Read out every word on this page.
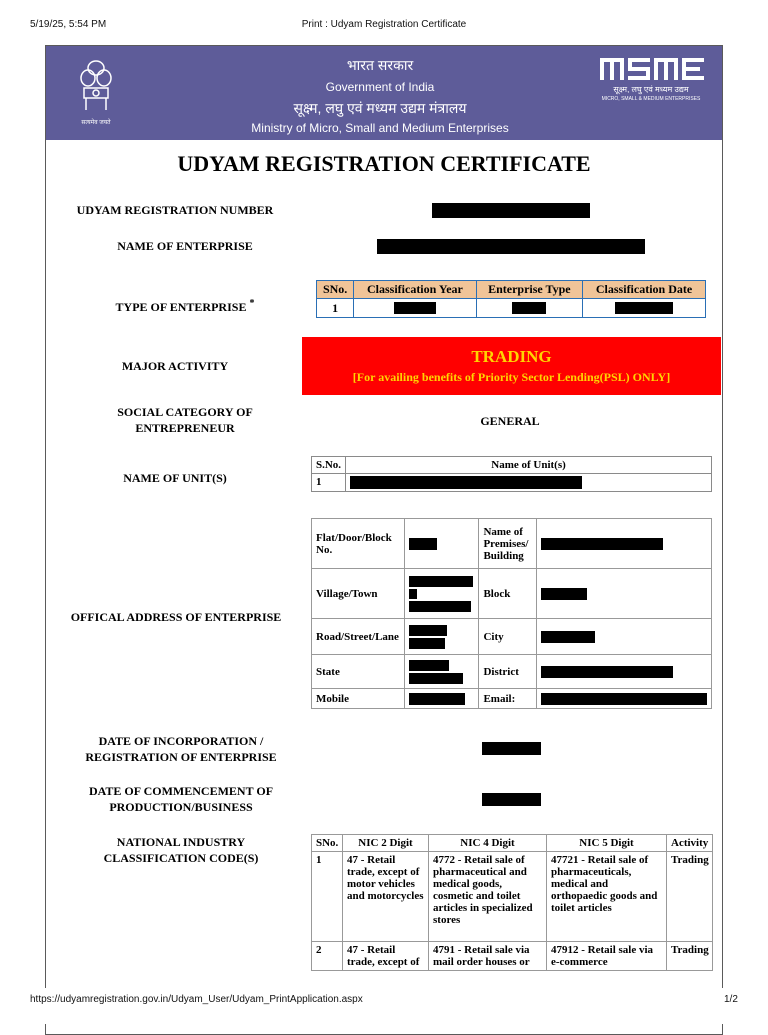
5/19/25, 5:54 PM	Print : Udyam Registration Certificate
सत्यमेव जयते
भारत सरकार
Government of India
सूक्ष्म, लघु एवं मध्यम उद्यम मंत्रालय
Ministry of Micro, Small and Medium Enterprises
सूक्ष्म, लघु एवं मध्यम उद्यम
MICRO, SMALL & MEDIUM ENTERPRISES
UDYAM REGISTRATION CERTIFICATE
UDYAM REGISTRATION NUMBER
NAME OF ENTERPRISE
TYPE OF ENTERPRISE *
SNo.	Classification Year	Enterprise Type	Classification Date
1	

MAJOR ACTIVITY	TRADING
[For availing benefits of Priority Sector Lending(PSL) ONLY]
SOCIAL CATEGORY OF
ENTREPRENEUR	GENERAL
NAME OF UNIT(S)
S.No.	Name of Unit(s)
1	
OFFICAL ADDRESS OF ENTERPRISE
Flat/Door/Block No.		Name of Premises/ Building	

Village/Town		Block	

Road/Street/Lane		City	

State		District	

Mobile		Email:	
DATE OF INCORPORATION /
REGISTRATION OF ENTERPRISE
DATE OF COMMENCEMENT OF
PRODUCTION/BUSINESS
NATIONAL INDUSTRY
CLASSIFICATION CODE(S)
SNo.	NIC 2 Digit	NIC 4 Digit	NIC 5 Digit	Activity
1	47 - Retail trade, except of motor vehicles and motorcycles	4772 - Retail sale of pharmaceutical and medical goods, cosmetic and toilet articles in specialized stores	47721 - Retail sale of pharmaceuticals, medical and orthopaedic goods and toilet articles	Trading
2	47 - Retail trade, except of	4791 - Retail sale via mail order houses or	47912 - Retail sale via e-commerce	Trading
https://udyamregistration.gov.in/Udyam_User/Udyam_PrintApplication.aspx	1/2
